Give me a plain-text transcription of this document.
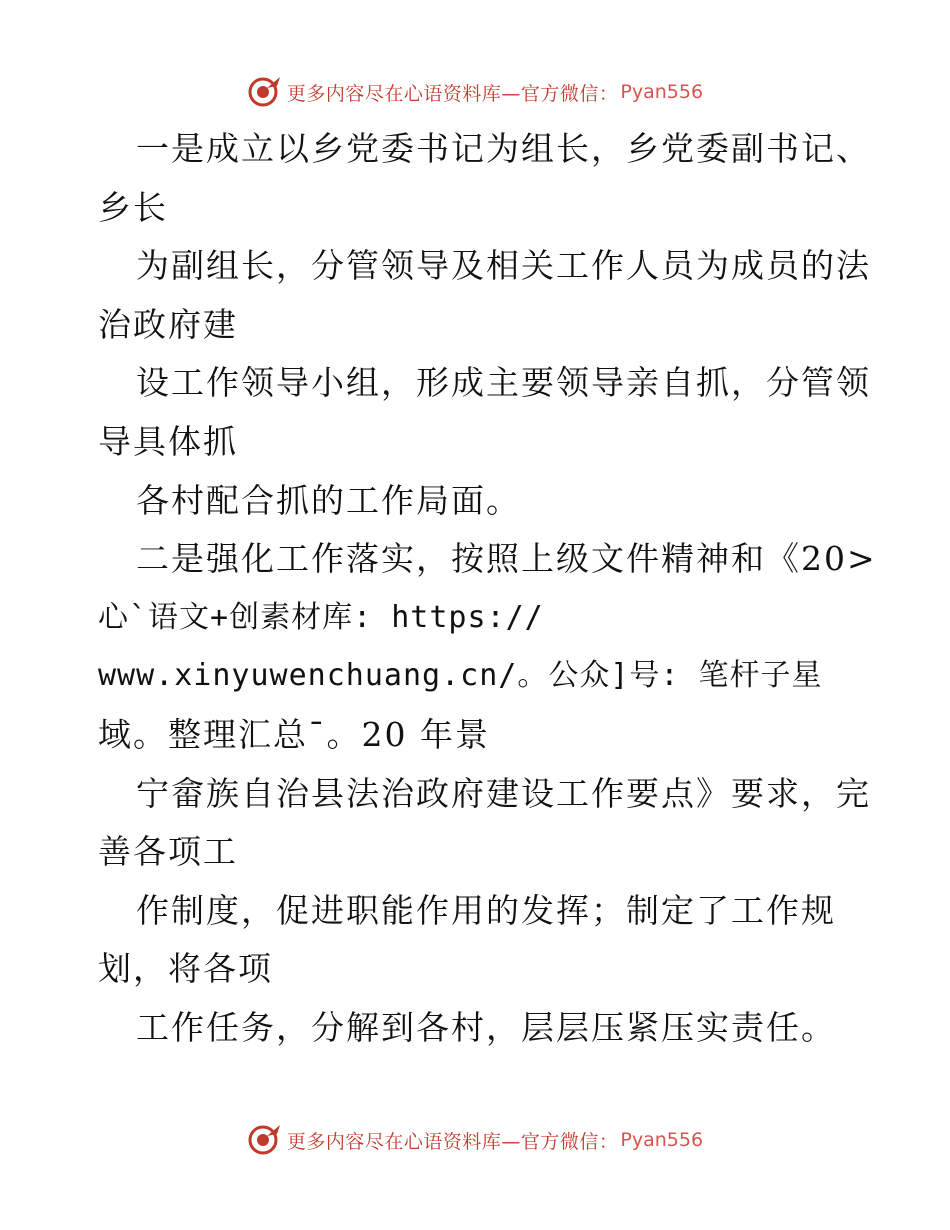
更多内容尽在心语资料库—官方微信： Pyan556
一是成立以乡党委书记为组长，乡党委副书记、
乡长
为副组长，分管领导及相关工作人员为成员的法
治政府建
设工作领导小组，形成主要领导亲自抓，分管领
导具体抓
各村配合抓的工作局面。
二是强化工作落实，按照上级文件精神和《20>
心`语文+创素材库: https://
www.xinyuwenchuang.cn/。公众]号: 笔杆子星
域。整理汇总¯。20 年景
宁畲族自治县法治政府建设工作要点》要求，完
善各项工
作制度，促进职能作用的发挥；制定了工作规
划，将各项
工作任务，分解到各村，层层压紧压实责任。
更多内容尽在心语资料库—官方微信： Pyan556
